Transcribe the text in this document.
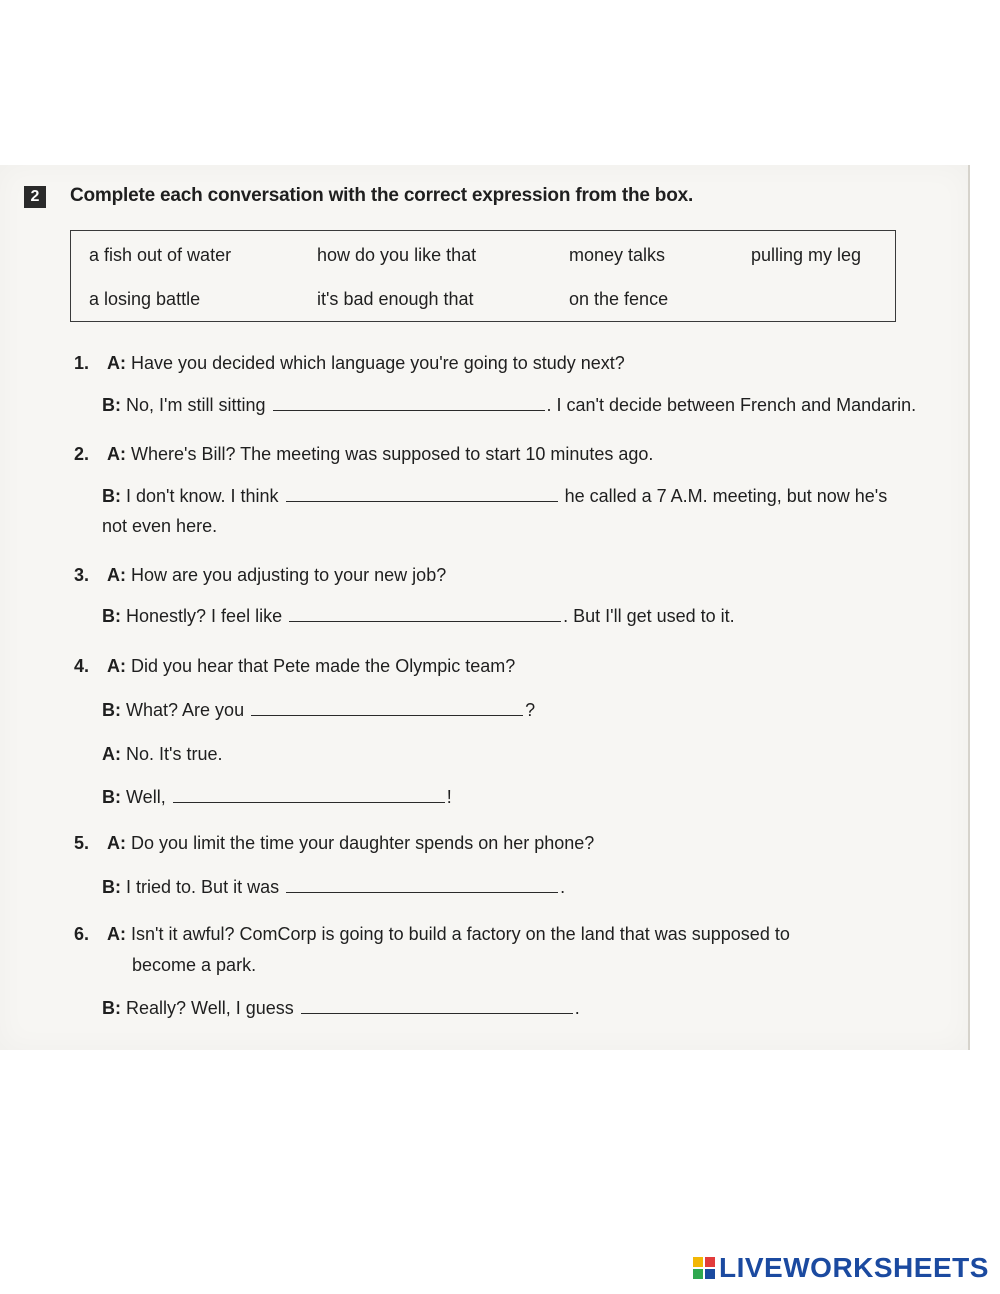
2	Complete each conversation with the correct expression from the box.
a fish out of water	how do you like that	money talks	pulling my leg
a losing battle	it's bad enough that	on the fence
1. A: Have you decided which language you're going to study next?
B: No, I'm still sitting	. I can't decide between French and Mandarin.
2. A: Where's Bill? The meeting was supposed to start 10 minutes ago.
B: I don't know. I think	he called a 7 A.M. meeting, but now he's
not even here.
3. A: How are you adjusting to your new job?
B: Honestly? I feel like	. But I'll get used to it.
4. A: Did you hear that Pete made the Olympic team?
B: What? Are you	?
A: No. It's true.
B: Well,	!
5. A: Do you limit the time your daughter spends on her phone?
B: I tried to. But it was	.
6. A: Isn't it awful? ComCorp is going to build a factory on the land that was supposed to
become a park.
B: Really? Well, I guess	.
LIVEWORKSHEETS
